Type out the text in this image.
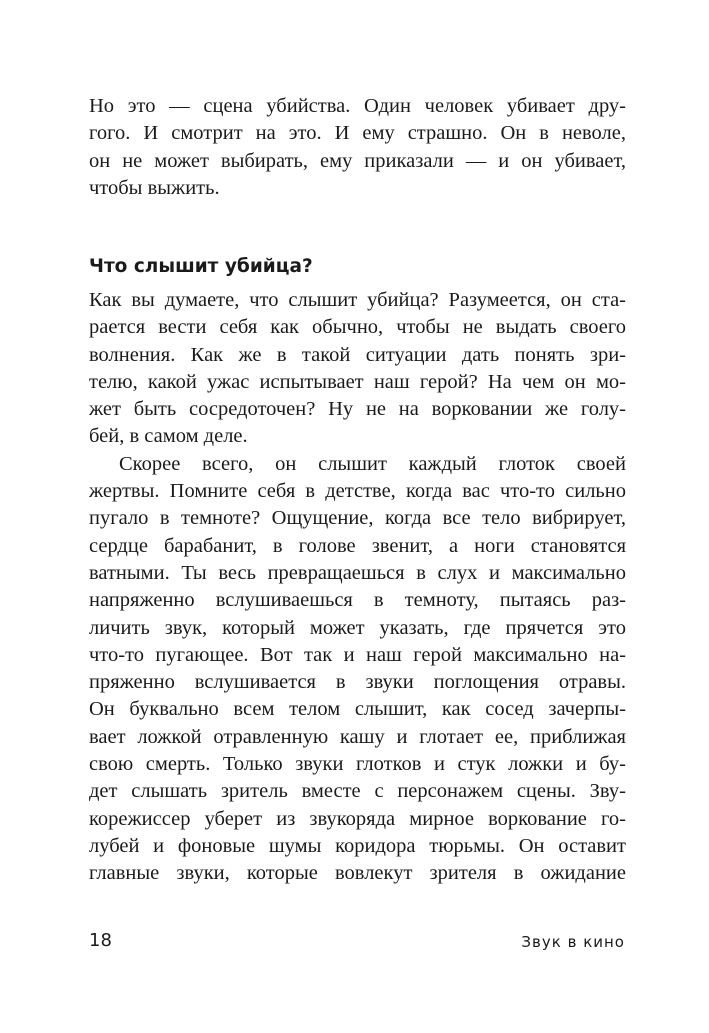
Но это — сцена убийства. Один человек убивает дру-
гого. И смотрит на это. И ему страшно. Он в неволе,
он не может выбирать, ему приказали — и он убивает,
чтобы выжить.
Что слышит убийца?
Как вы думаете, что слышит убийца? Разумеется, он ста-
рается вести себя как обычно, чтобы не выдать своего
волнения. Как же в такой ситуации дать понять зри-
телю, какой ужас испытывает наш герой? На чем он мо-
жет быть сосредоточен? Ну не на ворковании же голу-
бей, в самом деле.
Скорее всего, он слышит каждый глоток своей
жертвы. Помните себя в детстве, когда вас что-то сильно
пугало в темноте? Ощущение, когда все тело вибрирует,
сердце барабанит, в голове звенит, а ноги становятся
ватными. Ты весь превращаешься в слух и максимально
напряженно вслушиваешься в темноту, пытаясь раз-
личить звук, который может указать, где прячется это
что-то пугающее. Вот так и наш герой максимально на-
пряженно вслушивается в звуки поглощения отравы.
Он буквально всем телом слышит, как сосед зачерпы-
вает ложкой отравленную кашу и глотает ее, приближая
свою смерть. Только звуки глотков и стук ложки и бу-
дет слышать зритель вместе с персонажем сцены. Зву-
корежиссер уберет из звукоряда мирное воркование го-
лубей и фоновые шумы коридора тюрьмы. Он оставит
главные звуки, которые вовлекут зрителя в ожидание
18	Звук в кино
